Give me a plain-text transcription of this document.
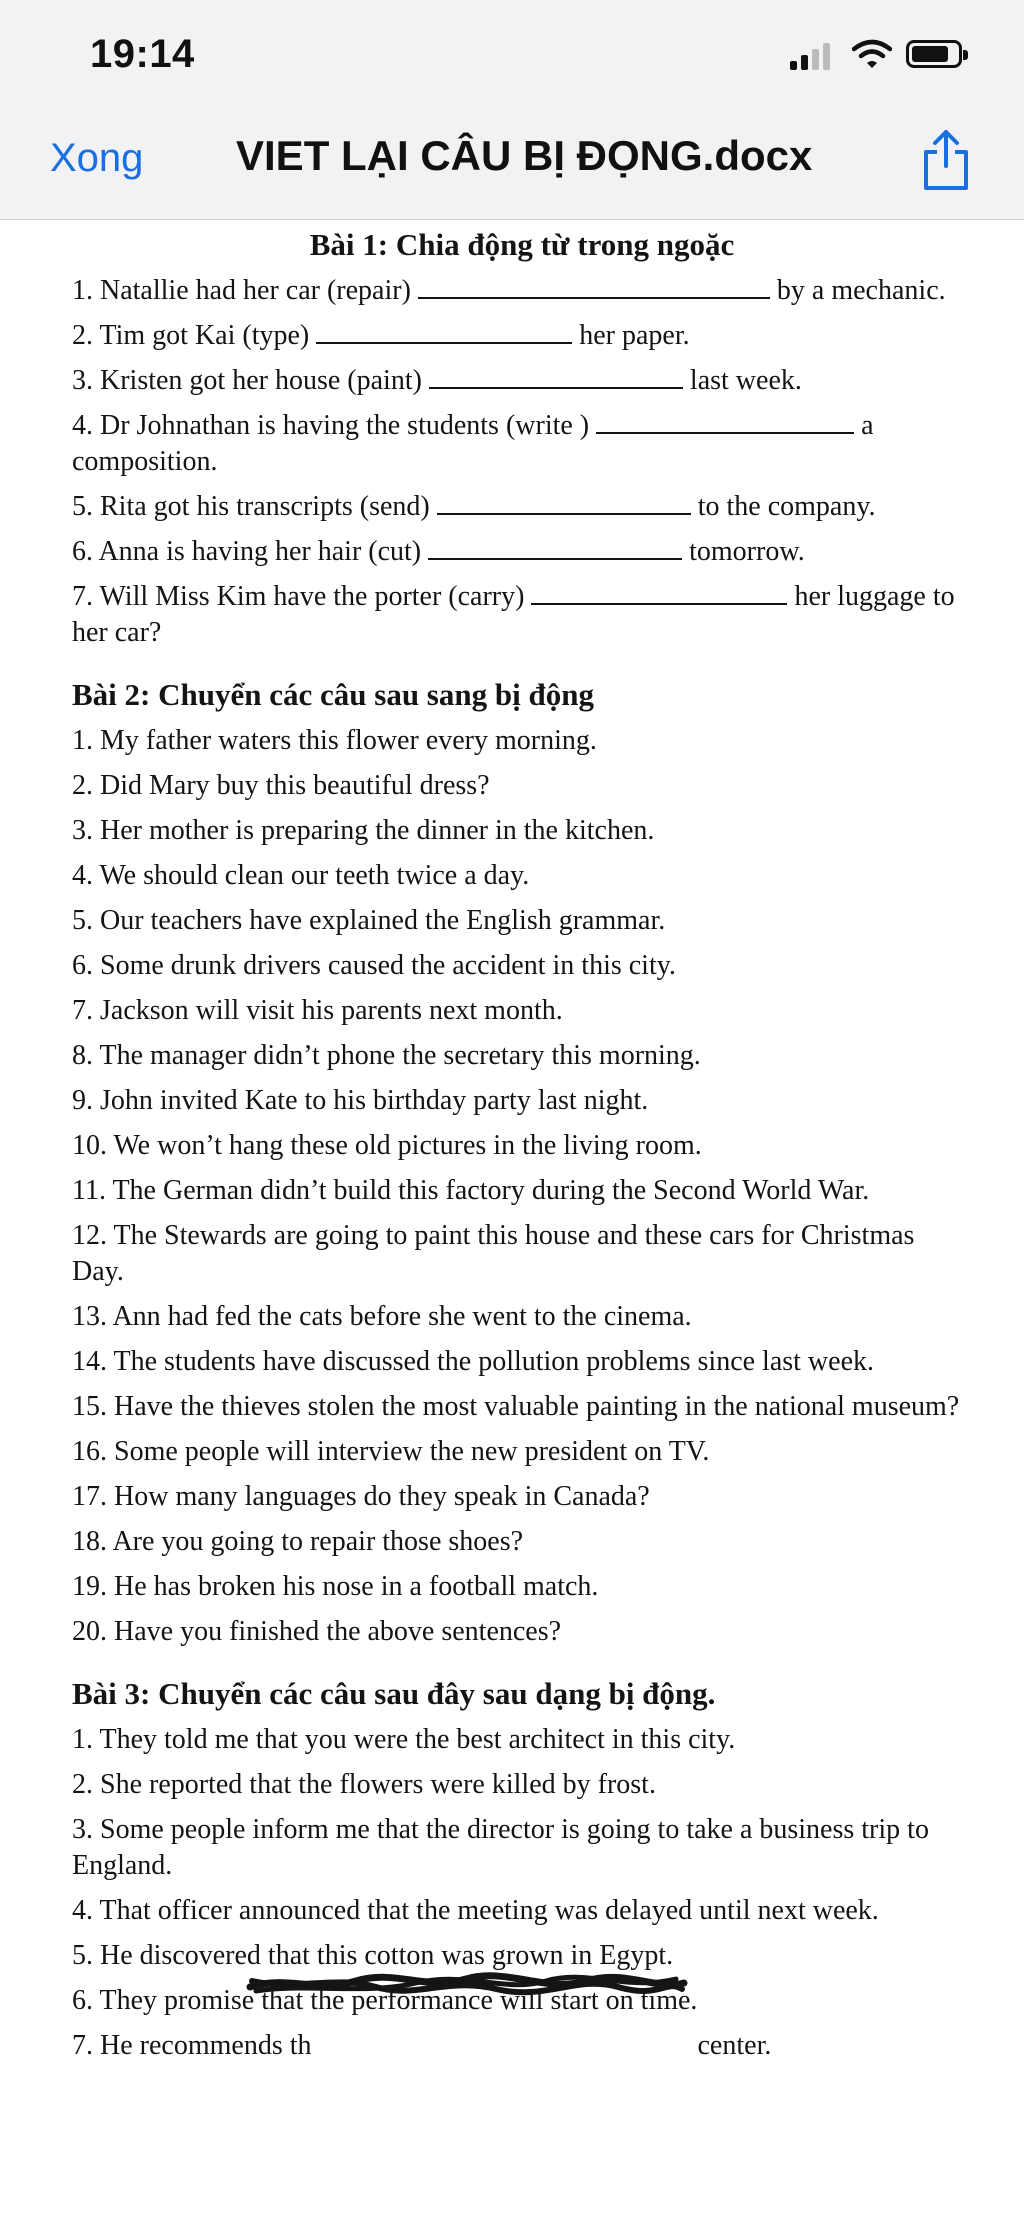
19:14
Xong VIET LẠI CÂU BỊ ĐỌNG.docx
Bài 1: Chia động từ trong ngoặc
1. Natallie had her car (repair)	by a mechanic.
2. Tim got Kai (type)	her paper.
3. Kristen got her house (paint)	last week.
4. Dr Johnathan is having the students (write )	a composition.
5. Rita got his transcripts (send)	to the company.
6. Anna is having her hair (cut)	tomorrow.
7. Will Miss Kim have the porter (carry)	her luggage to her car?
Bài 2: Chuyển các câu sau sang bị động
1. My father waters this flower every morning.
2. Did Mary buy this beautiful dress?
3. Her mother is preparing the dinner in the kitchen.
4. We should clean our teeth twice a day.
5. Our teachers have explained the English grammar.
6. Some drunk drivers caused the accident in this city.
7. Jackson will visit his parents next month.
8. The manager didn’t phone the secretary this morning.
9. John invited Kate to his birthday party last night.
10. We won’t hang these old pictures in the living room.
11. The German didn’t build this factory during the Second World War.
12. The Stewards are going to paint this house and these cars for Christmas Day.
13. Ann had fed the cats before she went to the cinema.
14. The students have discussed the pollution problems since last week.
15. Have the thieves stolen the most valuable painting in the national museum?
16. Some people will interview the new president on TV.
17. How many languages do they speak in Canada?
18. Are you going to repair those shoes?
19. He has broken his nose in a football match.
20. Have you finished the above sentences?
Bài 3: Chuyển các câu sau đây sau dạng bị động.
1. They told me that you were the best architect in this city.
2. She reported that the flowers were killed by frost.
3. Some people inform me that the director is going to take a business trip to England.
4. That officer announced that the meeting was delayed until next week.
5. He discovered that this cotton was grown in Egypt.
6. They promise that the performance will start on time.
7. He recommends th	center.
